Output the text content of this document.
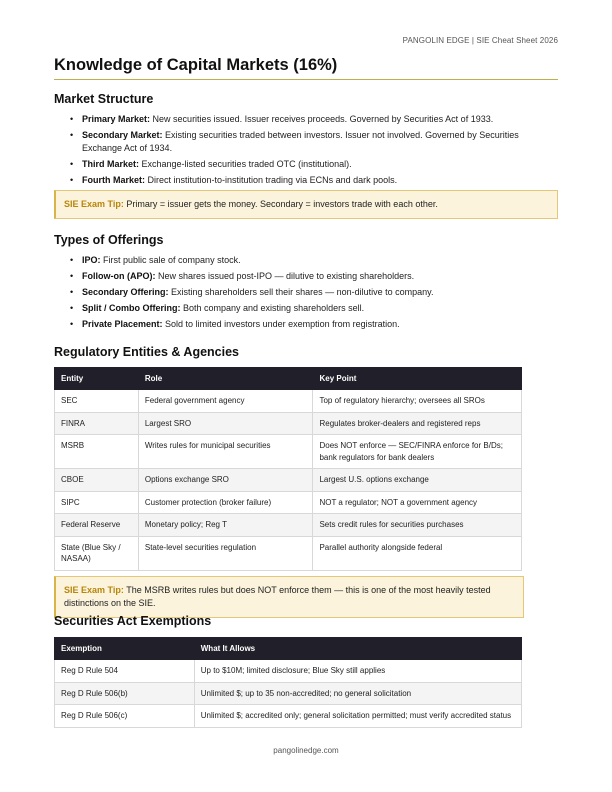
PANGOLIN EDGE | SIE Cheat Sheet 2026
Knowledge of Capital Markets (16%)
Market Structure
• Primary Market: New securities issued. Issuer receives proceeds. Governed by Securities Act of 1933.
• Secondary Market: Existing securities traded between investors. Issuer not involved. Governed by Securities Exchange Act of 1934.
• Third Market: Exchange-listed securities traded OTC (institutional).
• Fourth Market: Direct institution-to-institution trading via ECNs and dark pools.
SIE Exam Tip: Primary = issuer gets the money. Secondary = investors trade with each other.
Types of Offerings
• IPO: First public sale of company stock.
• Follow-on (APO): New shares issued post-IPO — dilutive to existing shareholders.
• Secondary Offering: Existing shareholders sell their shares — non-dilutive to company.
• Split / Combo Offering: Both company and existing shareholders sell.
• Private Placement: Sold to limited investors under exemption from registration.
Regulatory Entities & Agencies
Entity	Role	Key Point
SEC	Federal government agency	Top of regulatory hierarchy; oversees all SROs
FINRA	Largest SRO	Regulates broker-dealers and registered reps
MSRB	Writes rules for municipal securities	Does NOT enforce — SEC/FINRA enforce for B/Ds; bank regulators for bank dealers
CBOE	Options exchange SRO	Largest U.S. options exchange
SIPC	Customer protection (broker failure)	NOT a regulator; NOT a government agency
Federal Reserve	Monetary policy; Reg T	Sets credit rules for securities purchases
State (Blue Sky / NASAA)	State-level securities regulation	Parallel authority alongside federal
SIE Exam Tip: The MSRB writes rules but does NOT enforce them — this is one of the most heavily tested distinctions on the SIE.
Securities Act Exemptions
Exemption	What It Allows
Reg D Rule 504	Up to $10M; limited disclosure; Blue Sky still applies
Reg D Rule 506(b)	Unlimited $; up to 35 non-accredited; no general solicitation
Reg D Rule 506(c)	Unlimited $; accredited only; general solicitation permitted; must verify accredited status
pangolinedge.com
